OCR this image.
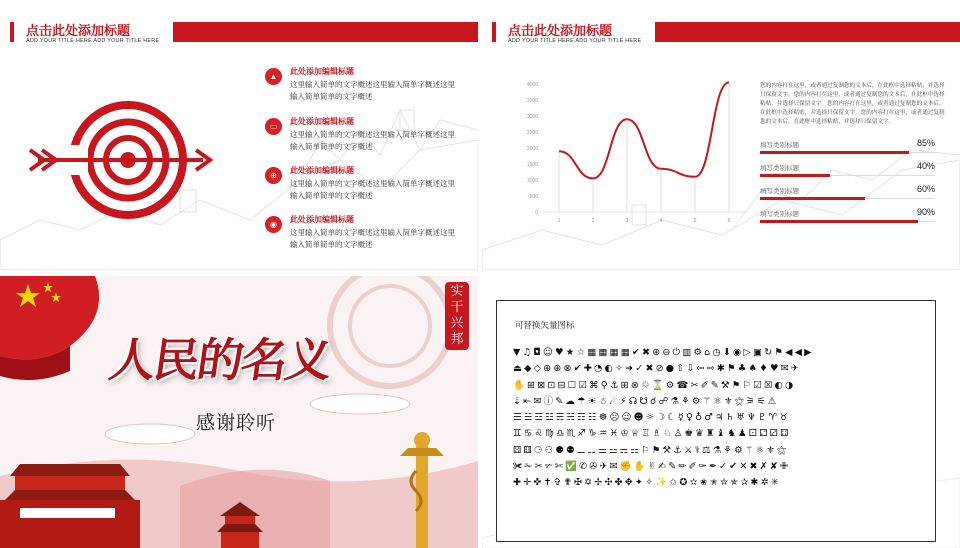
点击此处添加标题
ADD YOUR TITLE HERE ADD YOUR TITLE HERE
▲
此处添加编辑标题
这里输入简单的文字概述这里输入简单字概述这里输入简单简单的文字概述
▭
此处添加编辑标题
这里输入简单的文字概述这里输入简单字概述这里输入简单简单的文字概述
⊕
此处添加编辑标题
这里输入简单的文字概述这里输入简单字概述这里输入简单简单的文字概述
◉
此处添加编辑标题
这里输入简单的文字概述这里输入简单字概述这里输入简单简单的文字概述
点击此处添加标题
ADD YOUR TITLE HERE ADD YOUR TITLE HERE
0
500
1000
1500
2000
2500
3000
3500
4000
1	2	3	4	5	6
您的内容打在这里，或者通过复制您的文本后，在此框中选择粘贴，并选择只保留文字。您的内容打在这里，或者通过复制您的文本后，在此框中选择粘贴，并选择只保留文字。您的内容打在这里，或者通过复制您的文本后，在此框中选择粘贴，并选择只保留文字。您的内容打在这里，或者通过复制您的文本后，在此框中选择粘贴，并选择只保留文字。
填写类别标题	85%
填写类别标题	40%
填写类别标题	60%
填写类别标题	90%
人民的名义
感谢聆听
实干兴邦
可替换矢量图标
▼♫◘☺♥★☆▦▦▦▦✔✖⊕⊖⏻▥⚙⌂◷⬇◉▷▣↻⚑◀◀▶
⏏◆◇⊕⊕⊗✔✚◔◐✧➜✓✖⊘●⇧⇩⇦⇨✱⚑♣♠♦♥✉✈
✋⊞⊠⊡⊟☐☑⌘⚲⚓⊞⊗♲⌛⚙☎✂✐✎⚒⚑⚐☑☒◐◑
⇣⇤✉ⓘ✎☁☂☀☃☄⚡☊☋☌☍⚗⚘⚙⚚⚛⚜⚝⚞⚟⚠
☰☱☲☳☴☵☶☷☸☹☺☻☼☽☾☿♀♁♂♃♄♅♆♇♈♉
♊♋♌♍♎♏♐♑♒♓♔♕♖♗♘♙♚♛♜♝♞♟⚀⚁⚂⚃
⚄⚅⚆⚇⚈⚉⚊⚋⚌⚍⚎⚏⚐⚑⚒⚓⚔⚕⚖⚗⚘⚙⚚⚛⚜⚝
✀✁✂✃✄✅✆✇✈✉✊✋✌✍✎✏✐✑✒✓✔✕✖✗✘✙
✚✛✜✝✞✟✠✡✢✣✤✥✦✧✨✩✪✫✬✭✮✯✰✱✲✳
